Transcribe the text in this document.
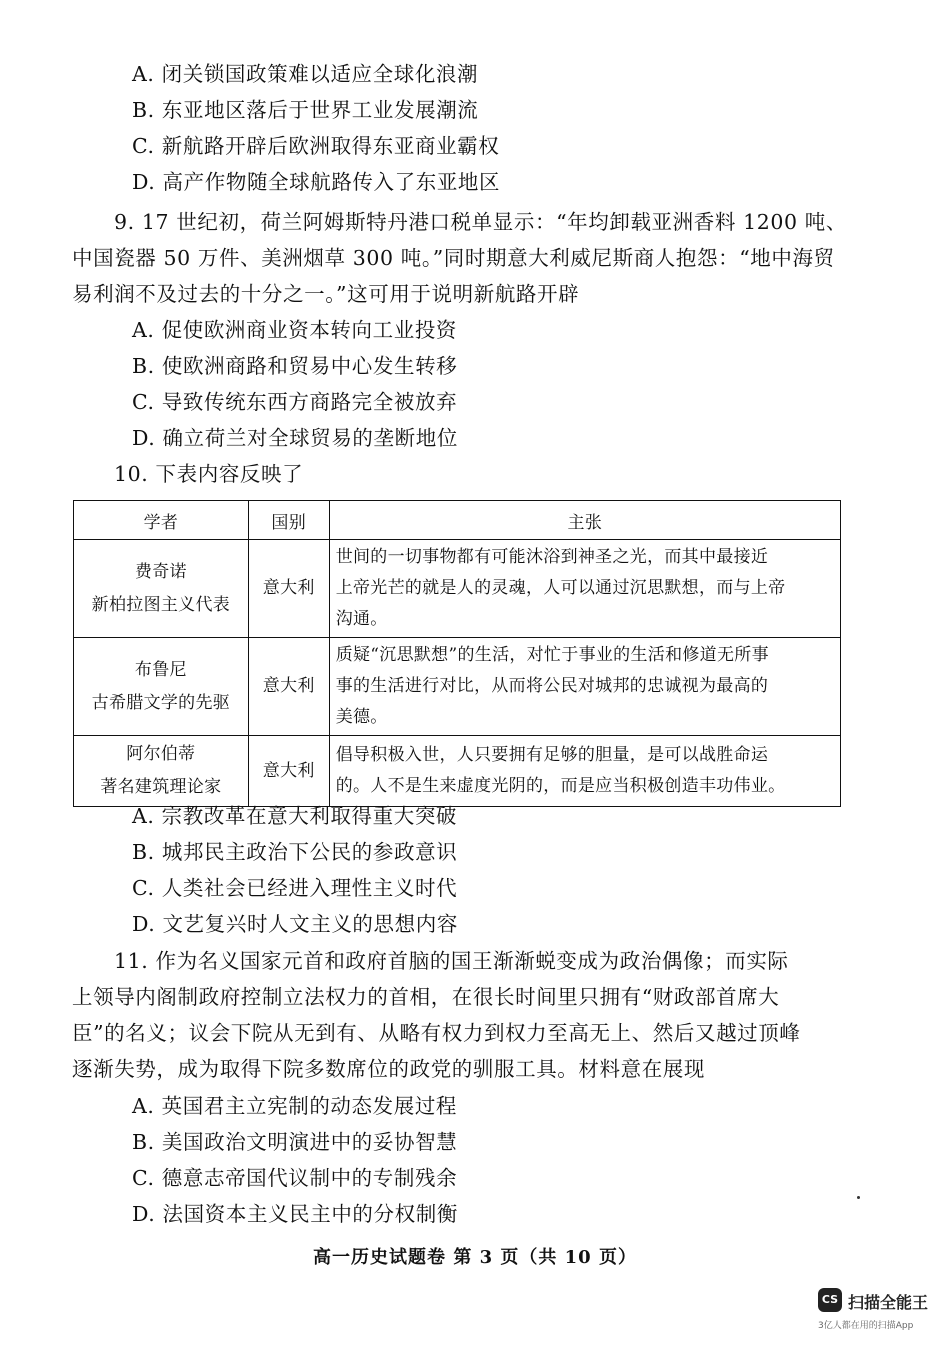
A. 闭关锁国政策难以适应全球化浪潮
B. 东亚地区落后于世界工业发展潮流
C. 新航路开辟后欧洲取得东亚商业霸权
D. 高产作物随全球航路传入了东亚地区
9. 17 世纪初，荷兰阿姆斯特丹港口税单显示：“年均卸载亚洲香料 1200 吨、
中国瓷器 50 万件、美洲烟草 300 吨。”同时期意大利威尼斯商人抱怨：“地中海贸
易利润不及过去的十分之一。”这可用于说明新航路开辟
A. 促使欧洲商业资本转向工业投资
B. 使欧洲商路和贸易中心发生转移
C. 导致传统东西方商路完全被放弃
D. 确立荷兰对全球贸易的垄断地位
10. 下表内容反映了
学者	国别	主张

费奇诺
新柏拉图主义代表	意大利	世间的一切事物都有可能沐浴到神圣之光，而其中最接近
上帝光芒的就是人的灵魂，人可以通过沉思默想，而与上帝
沟通。

布鲁尼
古希腊文学的先驱	意大利	质疑“沉思默想”的生活，对忙于事业的生活和修道无所事
事的生活进行对比，从而将公民对城邦的忠诚视为最高的
美德。

阿尔伯蒂
著名建筑理论家	意大利	倡导积极入世，人只要拥有足够的胆量，是可以战胜命运
的。人不是生来虚度光阴的，而是应当积极创造丰功伟业。
A. 宗教改革在意大利取得重大突破
B. 城邦民主政治下公民的参政意识
C. 人类社会已经进入理性主义时代
D. 文艺复兴时人文主义的思想内容
11. 作为名义国家元首和政府首脑的国王渐渐蜕变成为政治偶像；而实际
上领导内阁制政府控制立法权力的首相，在很长时间里只拥有“财政部首席大
臣”的名义；议会下院从无到有、从略有权力到权力至高无上、然后又越过顶峰
逐渐失势，成为取得下院多数席位的政党的驯服工具。材料意在展现
A. 英国君主立宪制的动态发展过程
B. 美国政治文明演进中的妥协智慧
C. 德意志帝国代议制中的专制残余
D. 法国资本主义民主中的分权制衡
高一历史试题卷 第 3 页（共 10 页）
CS 扫描全能王
3亿人都在用的扫描App
